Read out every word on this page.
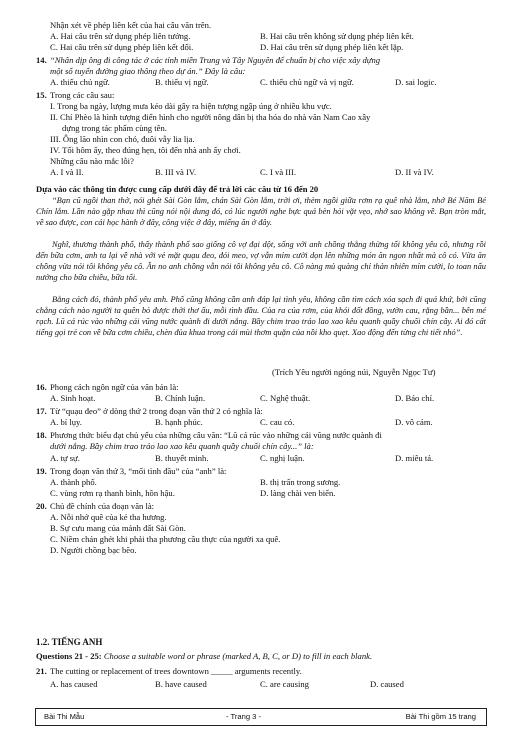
Nhận xét về phép liên kết của hai câu văn trên.
A. Hai câu trên sử dụng phép liên tưởng.	B. Hai câu trên không sử dụng phép liên kết.
C. Hai câu trên sử dụng phép liên kết đối.	D. Hai câu trên sử dụng phép liên kết lặp.
14. “Nhân dịp ông đi công tác ở các tỉnh miền Trung và Tây Nguyên để chuẩn bị cho việc xây dựng
một số tuyến đường giao thông theo dự án.” Đây là câu:
A. thiếu chủ ngữ.	B. thiếu vị ngữ.	C. thiếu chủ ngữ và vị ngữ.	D. sai logic.
15. Trong các câu sau:
I. Trong ba ngày, lượng mưa kéo dài gây ra hiện tượng ngập úng ở nhiều khu vực.
II. Chí Phèo là hình tượng điển hình cho người nông dân bị tha hóa do nhà văn Nam Cao xây
dựng trong tác phẩm cùng tên.
III. Ông lão nhìn con chó, đuôi vẫy lia lịa.
IV. Tối hôm ấy, theo đúng hẹn, tôi đến nhà anh ấy chơi.
Những câu nào mắc lỗi?
A. I và II.	B. III và IV.	C. I và III.	D. II và IV.
Dựa vào các thông tin được cung cấp dưới đây để trả lời các câu từ 16 đến 20
“Bạn cũ ngồi than thở, nói ghét Sài Gòn lắm, chán Sài Gòn lắm, trời ơi, thèm ngồi giữa rơm rạ quê nhà lắm, nhớ Bé Năm Bé Chín lắm. Lần nào gặp nhau thì cũng nói nội dung đó, có lúc người nghe bực quá bèn hỏi vặt vẹo, nhớ sao không về. Bạn tròn mắt, về sao được, con cái học hành ở đây, công việc ở đây, miếng ăn ở đây.
Nghĩ, thương thành phố, thấy thành phố sao giống cô vợ đại dột, sống với anh chồng thẳng thừng tối không yêu cô, nhưng rồi đến bữa cơm, anh ta lại về nhà với vẻ mặt quạu đeo, đói meo, vợ vẫn mỉm cười dọn lên những món ăn ngon nhất mà cô có. Vừa ăn chồng vừa nói tôi không yêu cô. Ăn no anh chồng vẫn nói tôi không yêu cô. Cô nàng mủ quàng chỉ thản nhiên mỉm cười, lo toan nấu nướng cho bữa chiều, bữa tối.
Bằng cách đó, thành phố yêu anh. Phố cũng không cần anh đáp lại tình yêu, không cần tìm cách xóa sạch đi quá khứ, bởi cũng chẳng cách nào người ta quên bỏ được thời thơ ấu, mỗi tình đầu. Của ra của rơm, của khói đốt đồng, vườn cau, rặng bần... bên mé rạch. Lũ cá rúc vào những cái vũng nước quành đi dưới nắng. Bầy chim trao trảo lao xao kêu quanh quầy chuối chín cây. Ai đó cất tiếng gọi trẻ con về bữa cơm chiều, chèn đủa khua trong cái mùi thơm quặn của nồi kho quẹt. Xao động đến từng chi tiết nhỏ”.
(Trích Yêu người ngóng núi, Nguyễn Ngọc Tư)
16. Phong cách ngôn ngữ của văn bản là:
A. Sinh hoạt.	B. Chính luận.	C. Nghệ thuật.	D. Báo chí.
17. Từ “quạu đeo” ở dòng thứ 2 trong đoạn văn thứ 2 có nghĩa là:
A. bí lụy.	B. hạnh phúc.	C. cau có.	D. vô cảm.
18. Phương thức biểu đạt chủ yếu của những câu văn: “Lũ cá rúc vào những cái vũng nước quành đi
dưới nắng. Bầy chim trao trảo lao xao kêu quanh quầy chuối chín cây...” là:
A. tự sự.	B. thuyết minh.	C. nghị luận.	D. miêu tả.
19. Trong đoạn văn thứ 3, “mối tình đầu” của “anh” là:
A. thành phố.	B. thị trấn trong sương.
C. vùng rơm rạ thanh bình, hồn hậu.	D. làng chài ven biển.
20. Chủ đề chính của đoạn văn là:
A. Nỗi nhớ quê của kẻ tha hương.
B. Sự cưu mang của mảnh đất Sài Gòn.
C. Niềm chán ghét khi phải tha phương cầu thực của người xa quê.
D. Người chồng bạc bẽo.
1.2. TIẾNG ANH
Questions 21 - 25: Choose a suitable word or phrase (marked A, B, C, or D) to fill in each blank.
21. The cutting or replacement of trees downtown _____ arguments recently.
A. has caused	B. have caused	C. are causing	D. caused
Bài Thi Mẫu	- Trang 3 -	Bài Thi gồm 15 trang
